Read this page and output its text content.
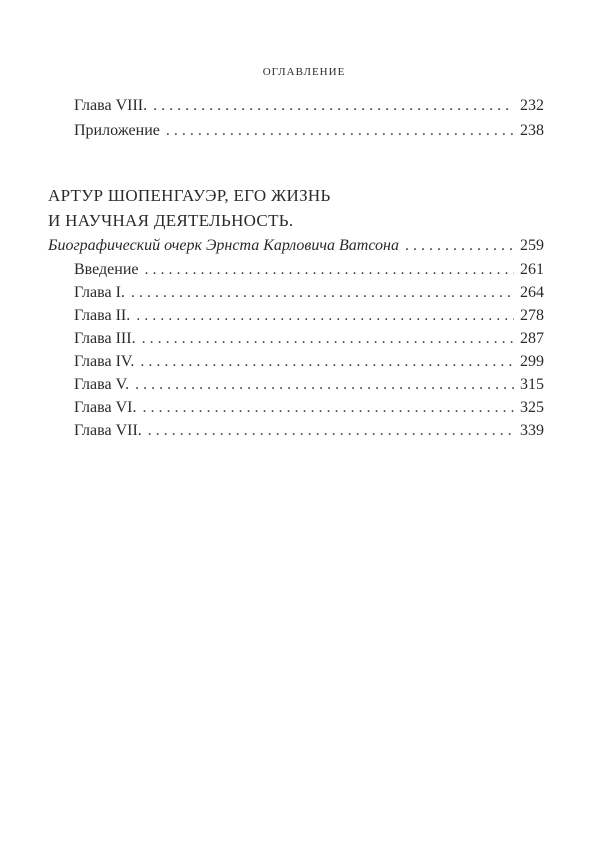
ОГЛАВЛЕНИЕ
Глава VIII. . . .	232
Приложение . . .	238
АРТУР ШОПЕНГАУЭР, ЕГО ЖИЗНЬ
И НАУЧНАЯ ДЕЯТЕЛЬНОСТЬ.
Биографический очерк Эрнста Карловича Ватсона . . .	259
Введение . . .	261
Глава I. . . .	264
Глава II. . . .	278
Глава III. . . .	287
Глава IV. . . .	299
Глава V. . . .	315
Глава VI. . . .	325
Глава VII. . . .	339
